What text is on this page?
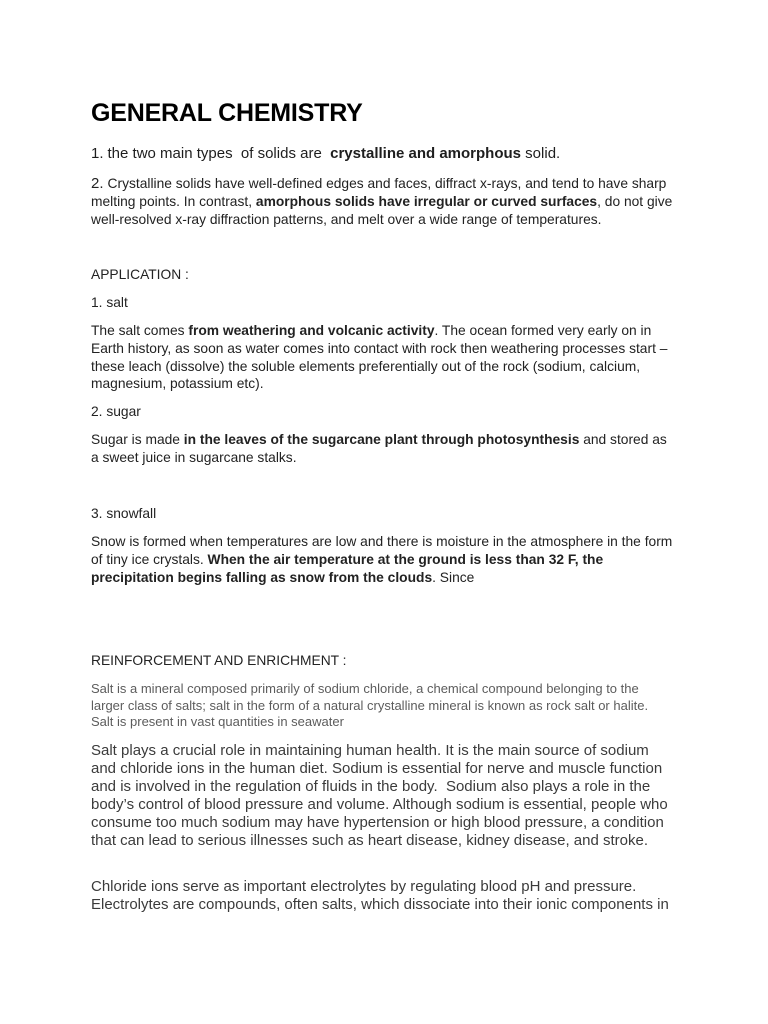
GENERAL CHEMISTRY
1. the two main types  of solids are  crystalline and amorphous solid.
2. Crystalline solids have well-defined edges and faces, diffract x-rays, and tend to have sharp
melting points. In contrast, amorphous solids have irregular or curved surfaces, do not give
well-resolved x-ray diffraction patterns, and melt over a wide range of temperatures.
APPLICATION :
1. salt
The salt comes from weathering and volcanic activity. The ocean formed very early on in
Earth history, as soon as water comes into contact with rock then weathering processes start –
these leach (dissolve) the soluble elements preferentially out of the rock (sodium, calcium,
magnesium, potassium etc).
2. sugar
Sugar is made in the leaves of the sugarcane plant through photosynthesis and stored as
a sweet juice in sugarcane stalks.
3. snowfall
Snow is formed when temperatures are low and there is moisture in the atmosphere in the form
of tiny ice crystals. When the air temperature at the ground is less than 32 F, the
precipitation begins falling as snow from the clouds. Since
REINFORCEMENT AND ENRICHMENT :
Salt is a mineral composed primarily of sodium chloride, a chemical compound belonging to the
larger class of salts; salt in the form of a natural crystalline mineral is known as rock salt or halite.
Salt is present in vast quantities in seawater
Salt plays a crucial role in maintaining human health. It is the main source of sodium
and chloride ions in the human diet. Sodium is essential for nerve and muscle function
and is involved in the regulation of fluids in the body.  Sodium also plays a role in the
body’s control of blood pressure and volume. Although sodium is essential, people who
consume too much sodium may have hypertension or high blood pressure, a condition
that can lead to serious illnesses such as heart disease, kidney disease, and stroke.
Chloride ions serve as important electrolytes by regulating blood pH and pressure.
Electrolytes are compounds, often salts, which dissociate into their ionic components in
